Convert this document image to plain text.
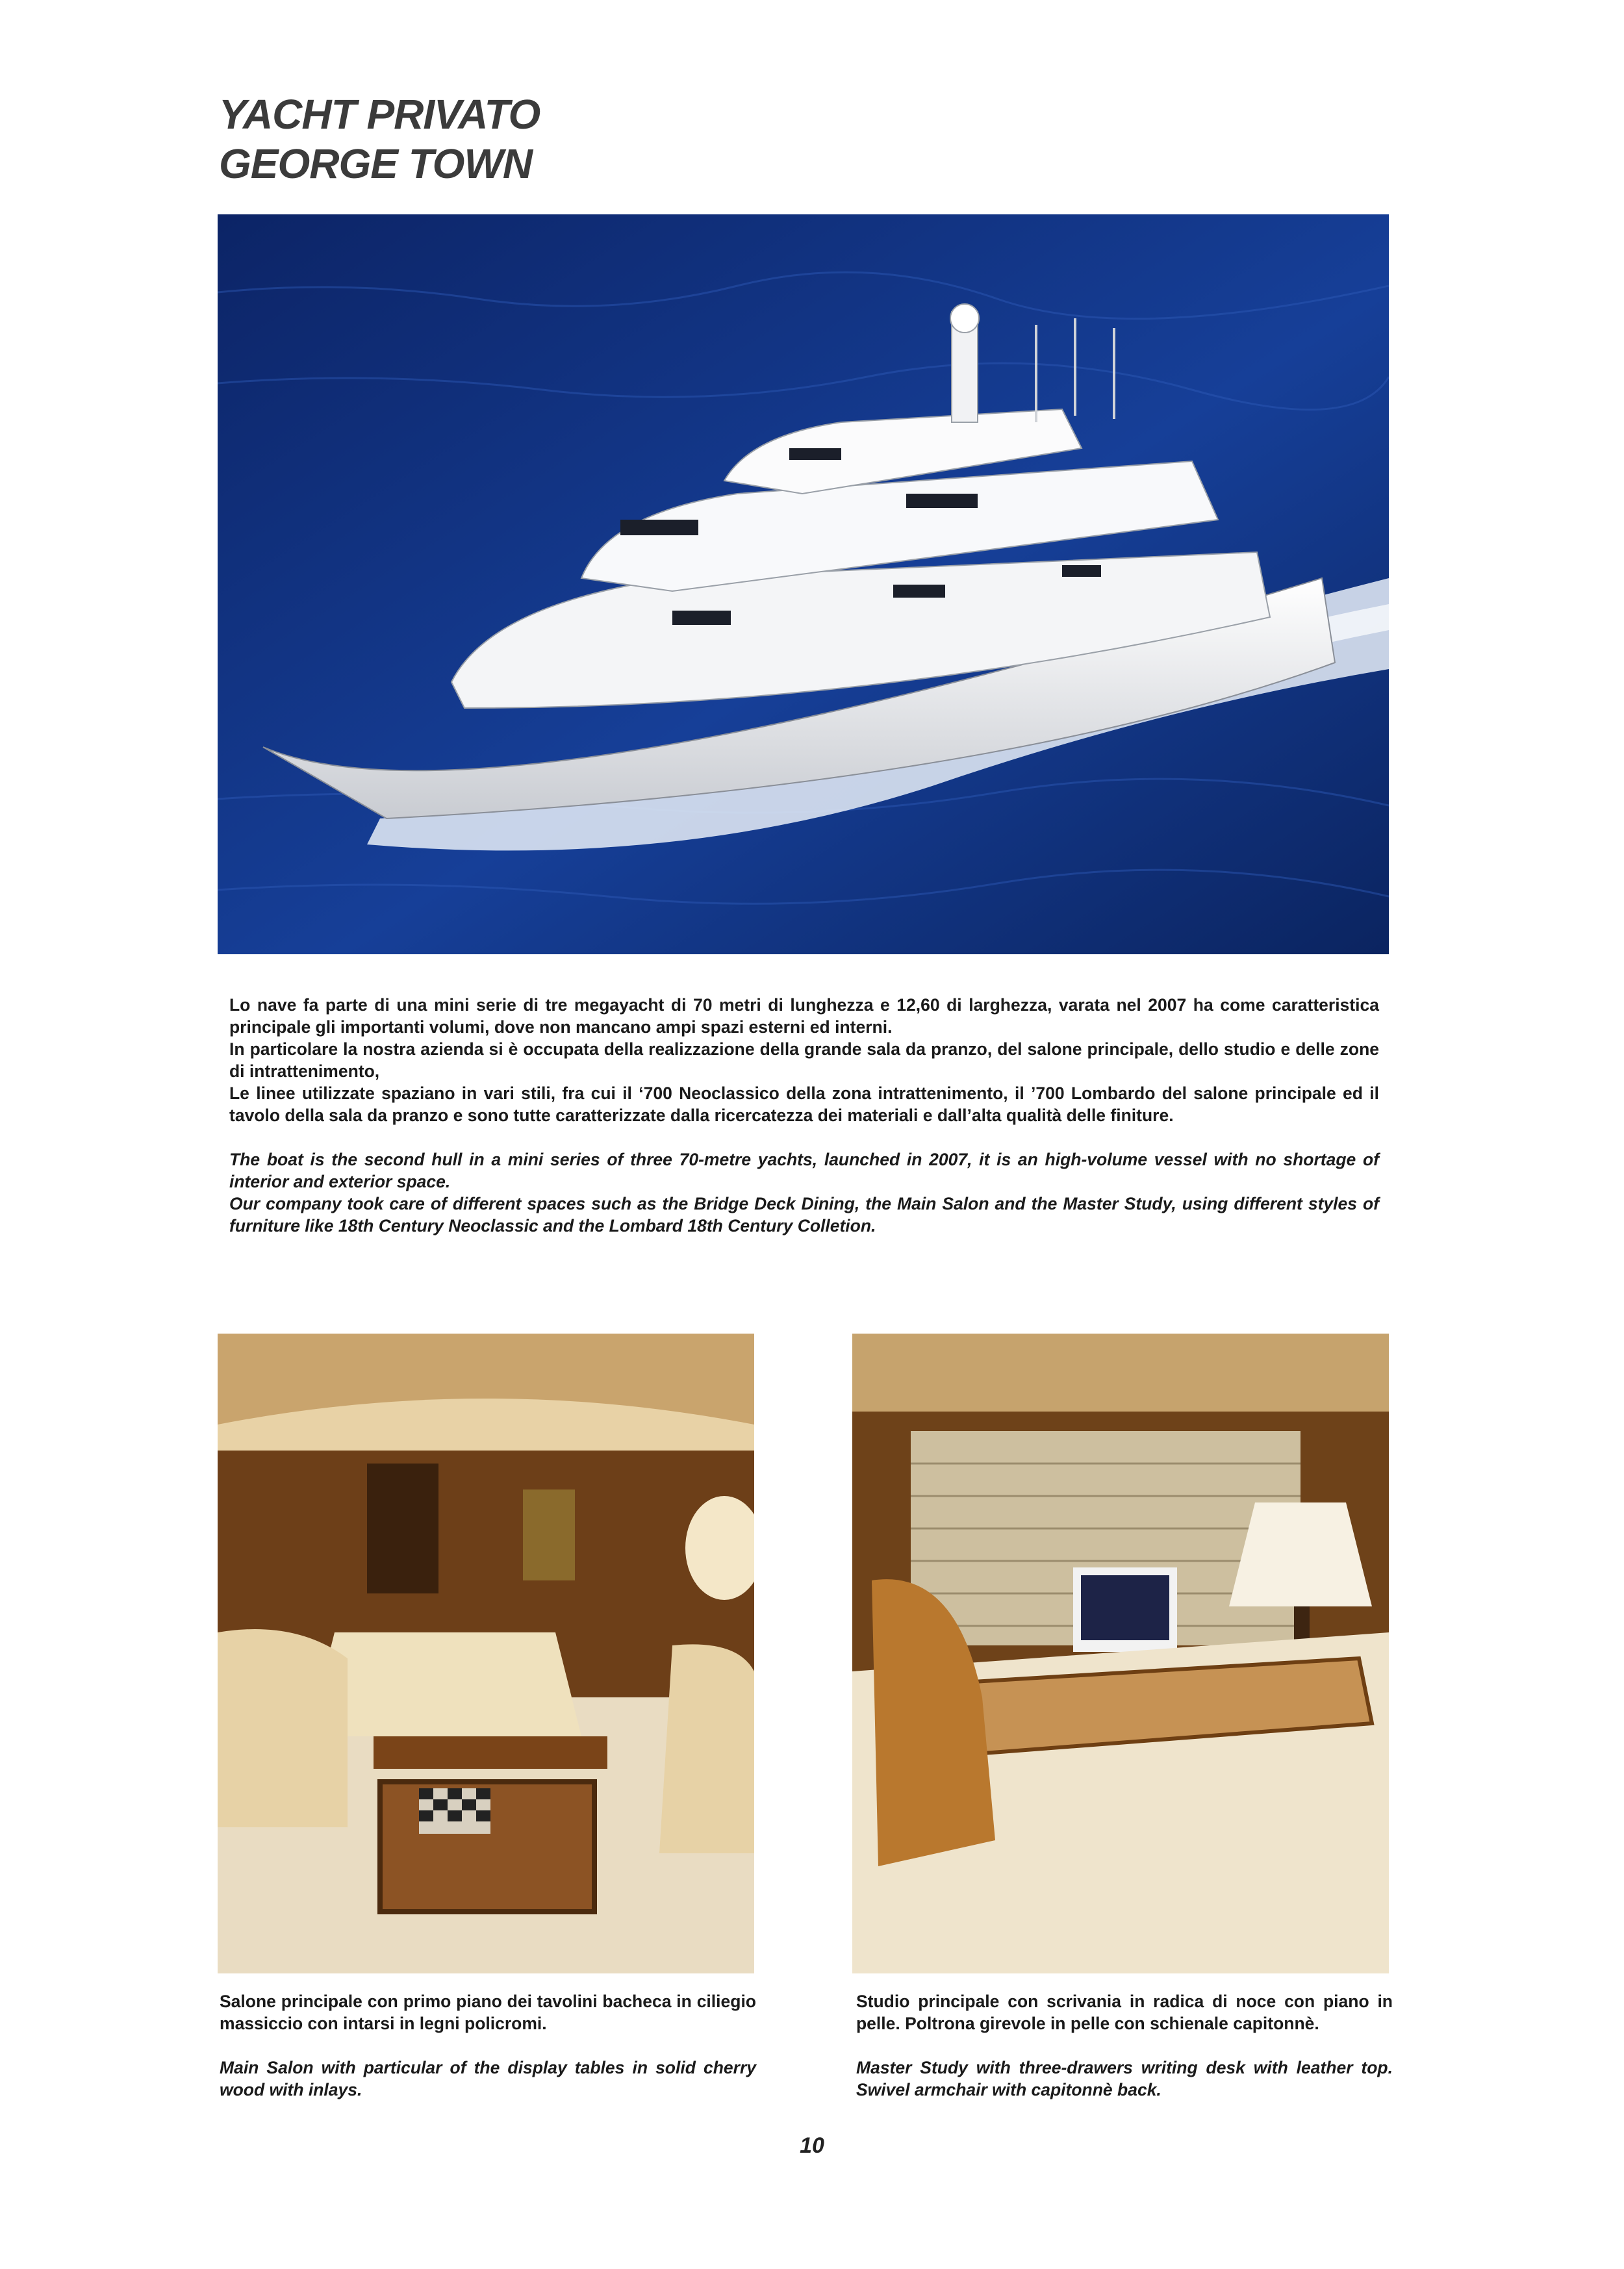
YACHT PRIVATO
GEORGE TOWN

Lo nave fa parte di una mini serie di tre megayacht di 70 metri di lunghezza e 12,60 di larghezza, varata nel 2007 ha come caratteristica principale gli importanti volumi, dove non mancano ampi spazi esterni ed interni.

In particolare la nostra azienda si è occupata della realizzazione della grande sala da pranzo, del salone principale, dello studio e delle zone di intrattenimento,

Le linee utilizzate spaziano in vari stili, fra cui il ‘700 Neoclassico della zona intrattenimento, il ’700 Lombardo del salone principale ed il tavolo della sala da pranzo e sono tutte caratterizzate dalla ricercatezza dei materiali e dall’alta qualità delle finiture.

The boat is the second hull in a mini series of three 70-metre yachts, launched in 2007, it is an high-volume vessel with no shortage of interior and exterior space.

Our company took care of different spaces such as the Bridge Deck Dining, the Main Salon and the Master Study, using different styles of furniture like 18th Century Neoclassic and the Lombard 18th Century Colletion.

Salone principale con primo piano dei tavolini bacheca in ciliegio massiccio con intarsi in legni policromi.

Main Salon with particular of the display tables in solid cherry wood with inlays.

Studio principale con scrivania in radica di noce con piano in pelle. Poltrona girevole in pelle con schienale capitonnè.

Master Study with three-drawers writing desk with leather top. Swivel armchair with capitonnè back.

10
